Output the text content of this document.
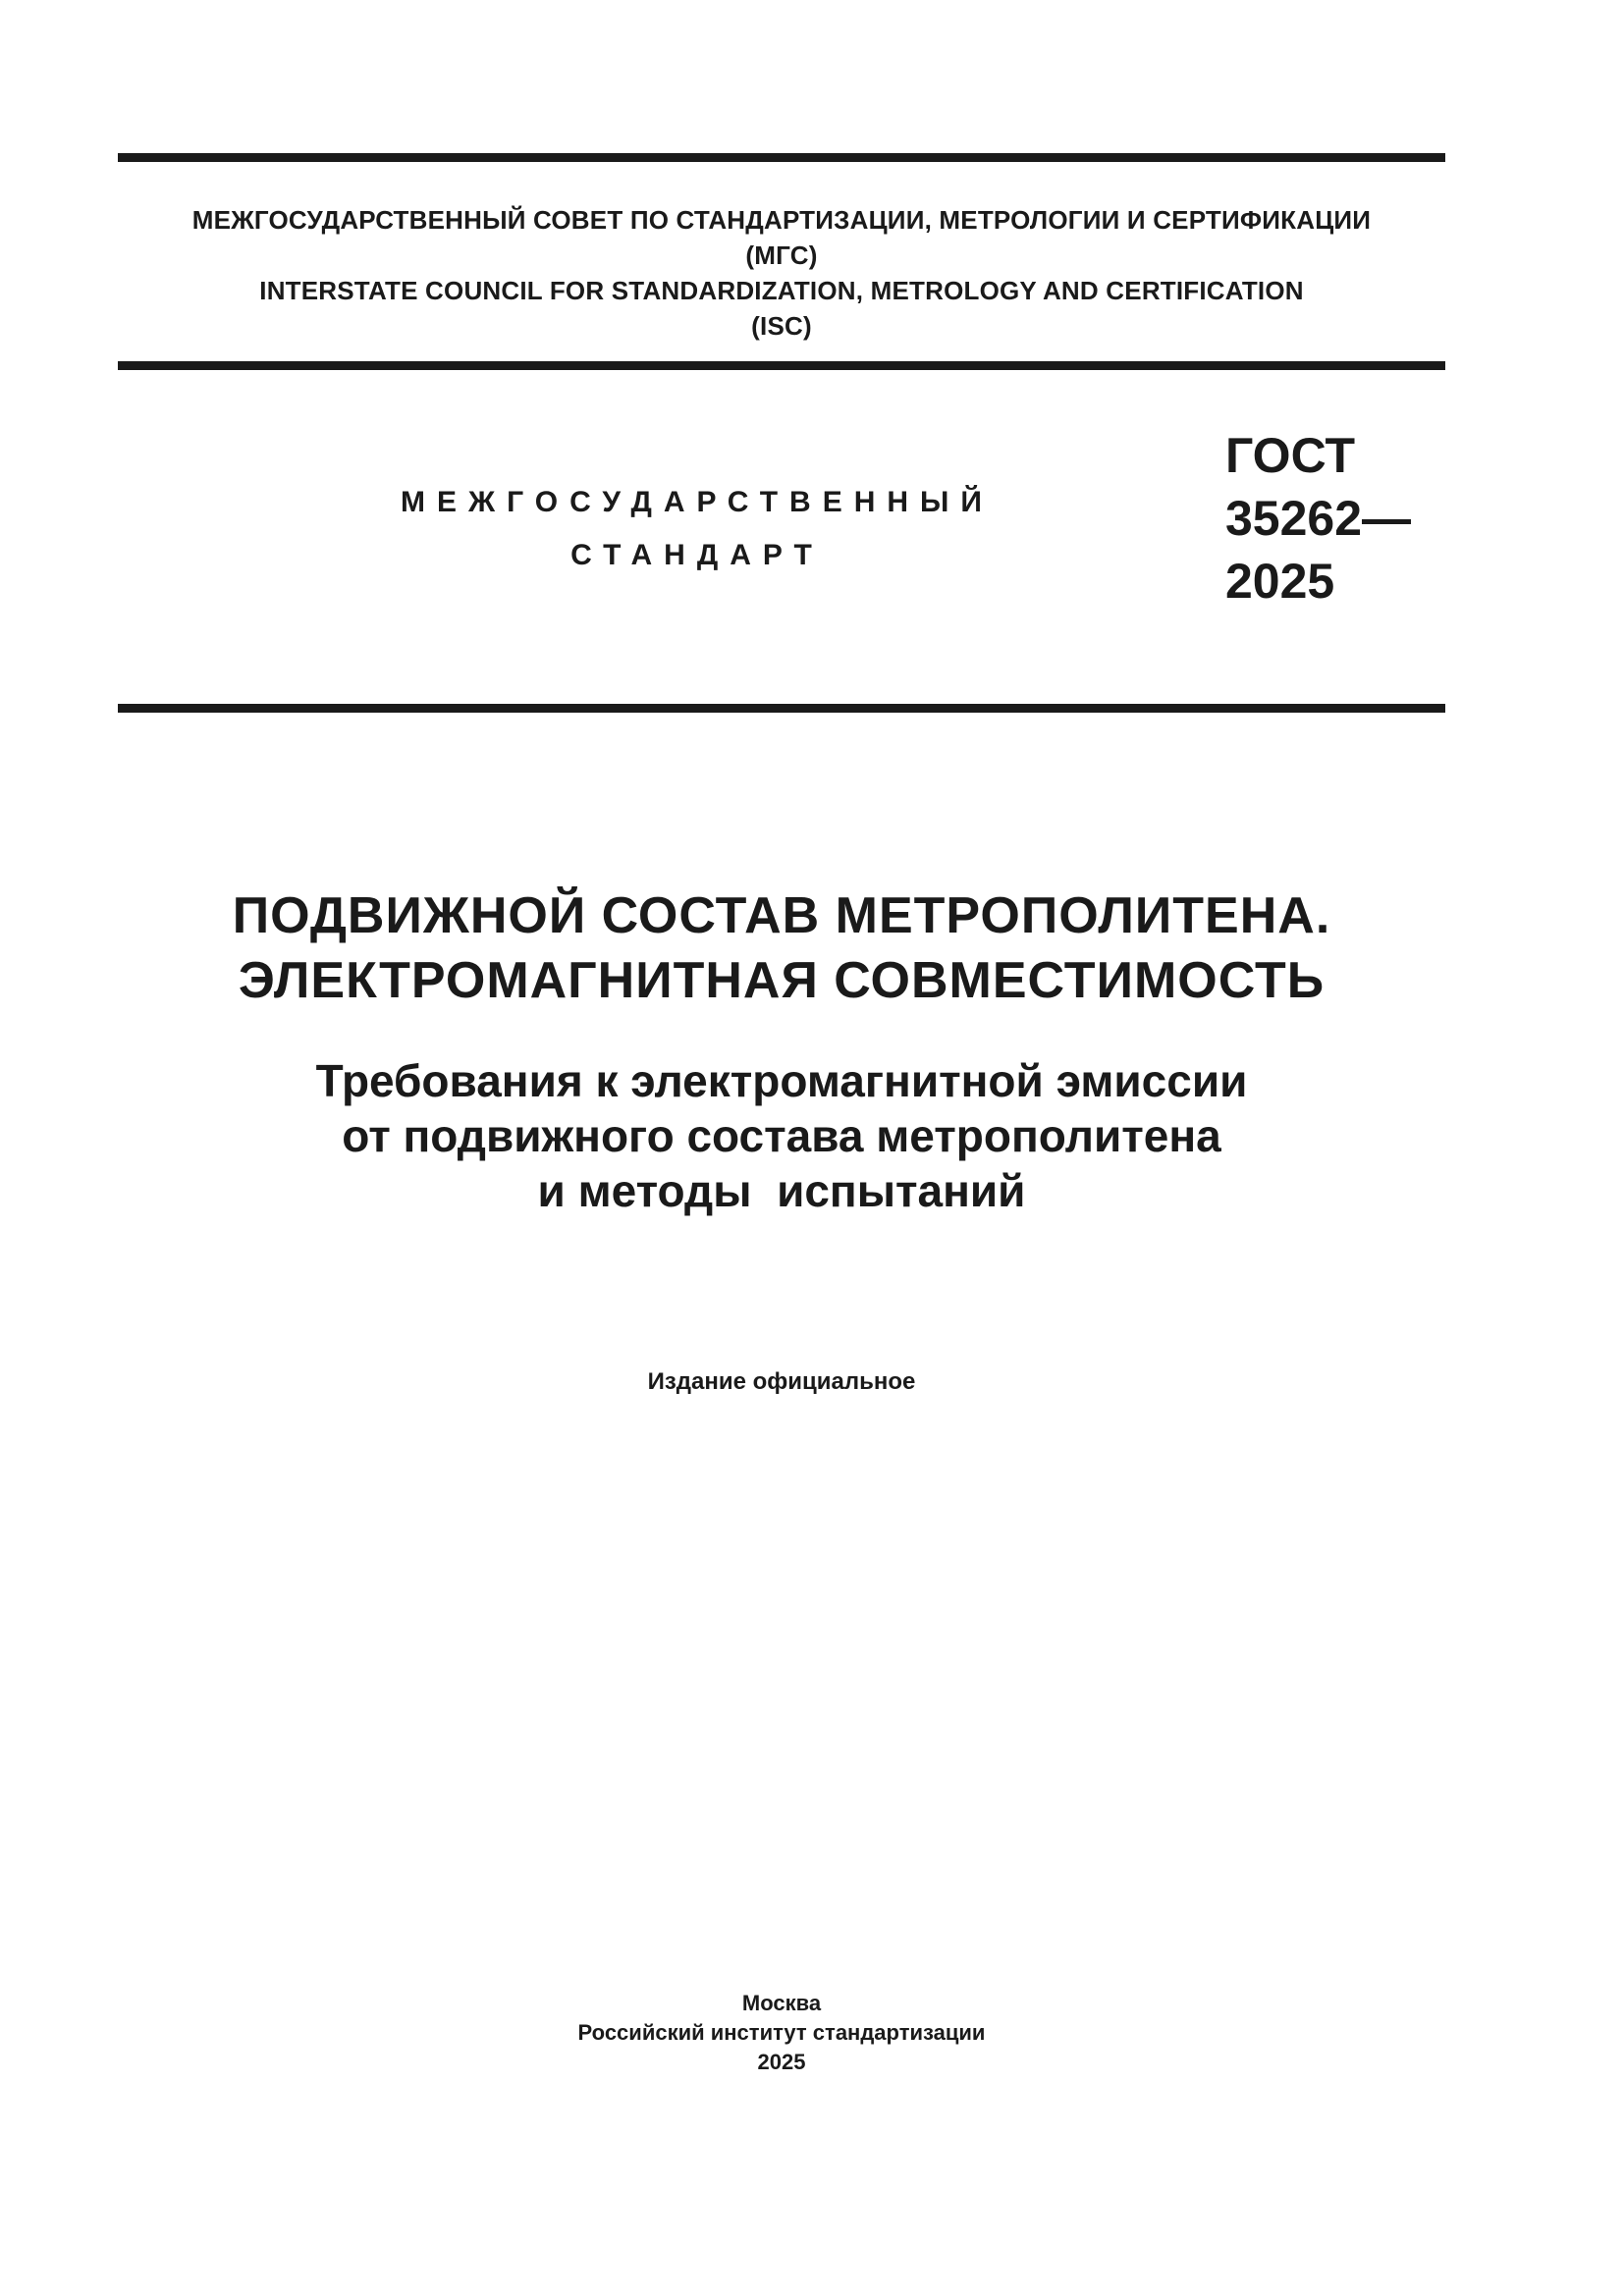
МЕЖГОСУДАРСТВЕННЫЙ СОВЕТ ПО СТАНДАРТИЗАЦИИ, МЕТРОЛОГИИ И СЕРТИФИКАЦИИ
(МГС)
INTERSTATE COUNCIL FOR STANDARDIZATION, METROLOGY AND CERTIFICATION
(ISC)
МЕЖГОСУДАРСТВЕННЫЙ
СТАНДАРТ
ГОСТ
35262—
2025
ПОДВИЖНОЙ СОСТАВ МЕТРОПОЛИТЕНА.
ЭЛЕКТРОМАГНИТНАЯ СОВМЕСТИМОСТЬ
Требования к электромагнитной эмиссии
от подвижного состава метрополитена
и методы  испытаний
Издание официальное
Москва
Российский институт стандартизации
2025
